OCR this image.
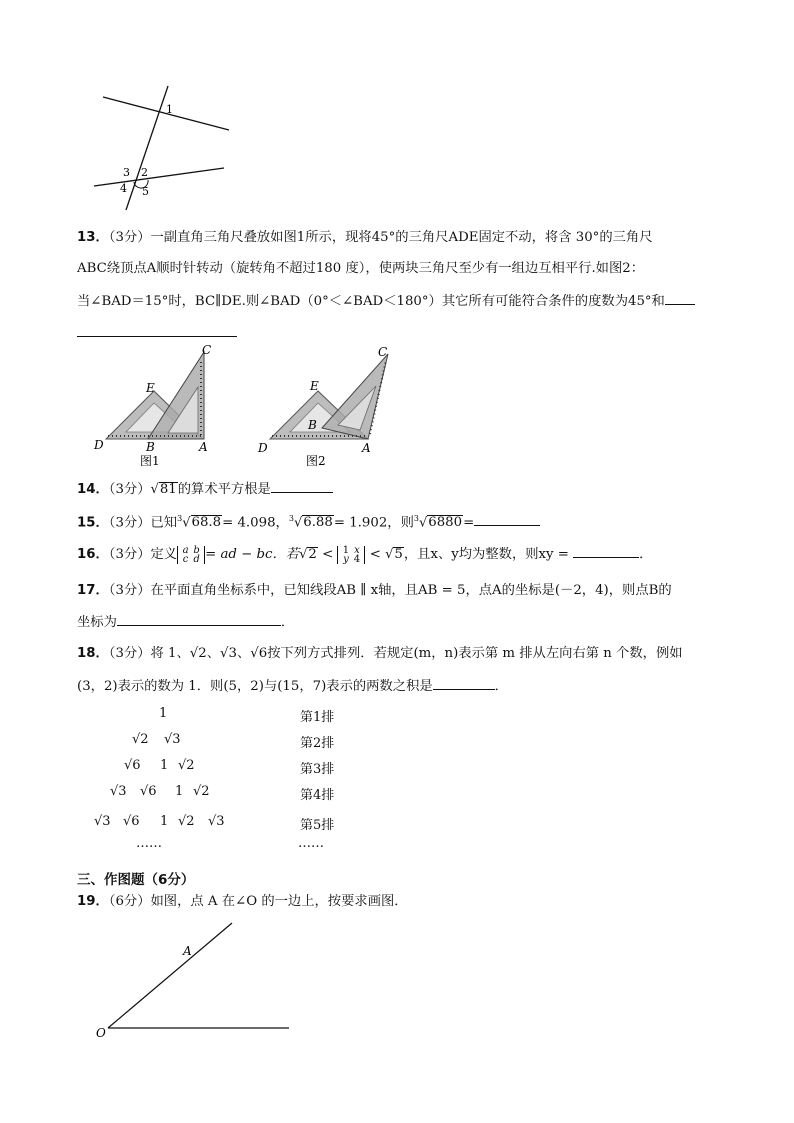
1
3 2
4 5
13．（3分）一副直角三角尺叠放如图1所示，现将45°的三角尺ADE固定不动，将含 30°的三角尺
ABC绕顶点A顺时针转动（旋转角不超过180 度），使两块三角尺至少有一组边互相平行.如图2：
当∠BAD＝15°时，BC∥DE.则∠BAD（0°＜∠BAD＜180°）其它所有可能符合条件的度数为45°和
C
E
D	B	A
图1
C
E
D
B
A
图2
14．（3分）√81的算术平方根是
15．（3分）已知$^3$√68.8= 4.098，$^3$√6.88= 1.902，则$^3$√6880=
16．（3分）定义 a b
c d = ad − bc．若√2 < 1 x
y 4 < √5，且x、y均为整数，则xy =	．
17．（3分）在平面直角坐标系中，已知线段AB ∥ x轴，且AB = 5，点A的坐标是(－2，4)，则点B的
坐标为	．
18．（3分）将 1、√2、√3、√6按下列方式排列．若规定(m，n)表示第 m 排从左向右第 n 个数，例如
(3，2)表示的数为 1．则(5，2)与(15，7)表示的两数之积是	．
1	第1排
√2 √3	第2排
√6 1 √2	第3排
√3 √6 1 √2	第4排
√3 √6 1 √2 √3	第5排
……	……
三、作图题（6分）
19．（6分）如图，点 A 在∠O 的一边上，按要求画图．
A
O
